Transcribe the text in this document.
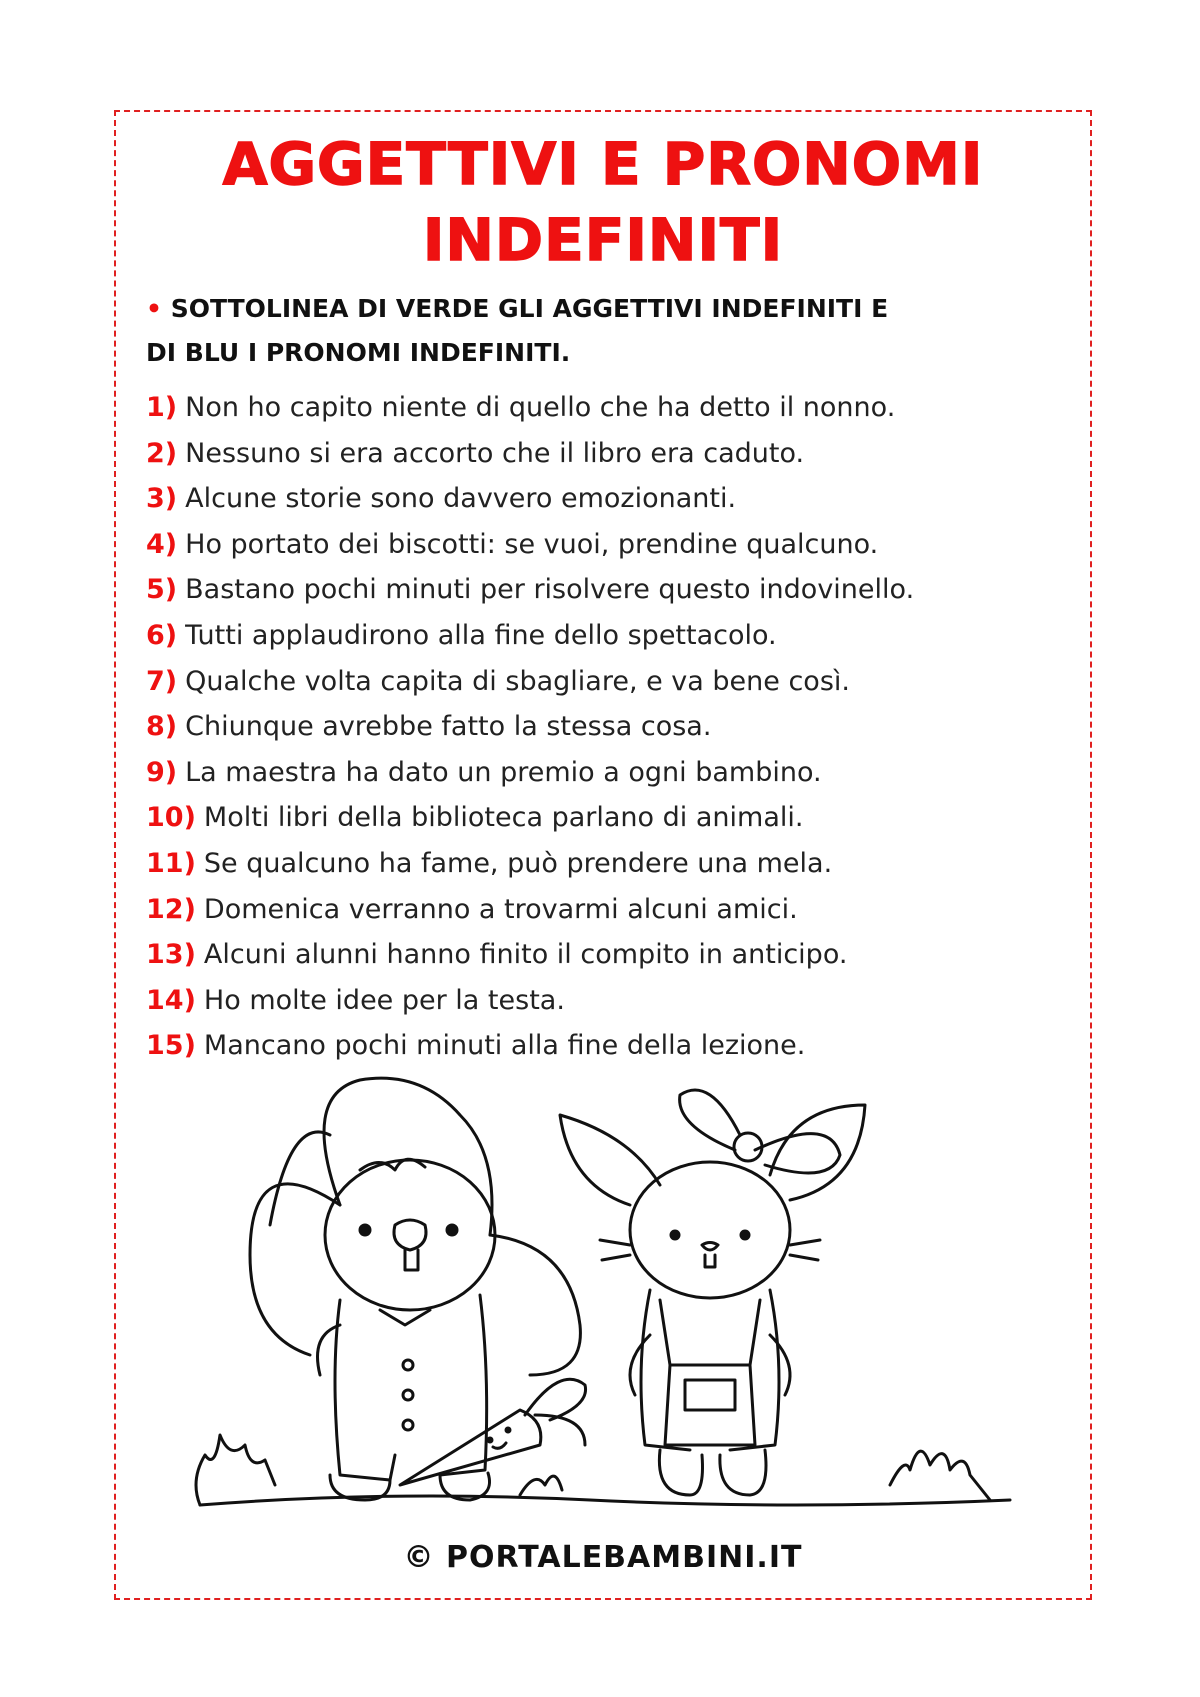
AGGETTIVI E PRONOMI
INDEFINITI

• SOTTOLINEA DI VERDE GLI AGGETTIVI INDEFINITI E
DI BLU I PRONOMI INDEFINITI.

1) Non ho capito niente di quello che ha detto il nonno.
2) Nessuno si era accorto che il libro era caduto.
3) Alcune storie sono davvero emozionanti.
4) Ho portato dei biscotti: se vuoi, prendine qualcuno.
5) Bastano pochi minuti per risolvere questo indovinello.
6) Tutti applaudirono alla fine dello spettacolo.
7) Qualche volta capita di sbagliare, e va bene così.
8) Chiunque avrebbe fatto la stessa cosa.
9) La maestra ha dato un premio a ogni bambino.
10) Molti libri della biblioteca parlano di animali.
11) Se qualcuno ha fame, può prendere una mela.
12) Domenica verranno a trovarmi alcuni amici.
13) Alcuni alunni hanno finito il compito in anticipo.
14) Ho molte idee per la testa.
15) Mancano pochi minuti alla fine della lezione.
© PORTALEBAMBINI.IT
